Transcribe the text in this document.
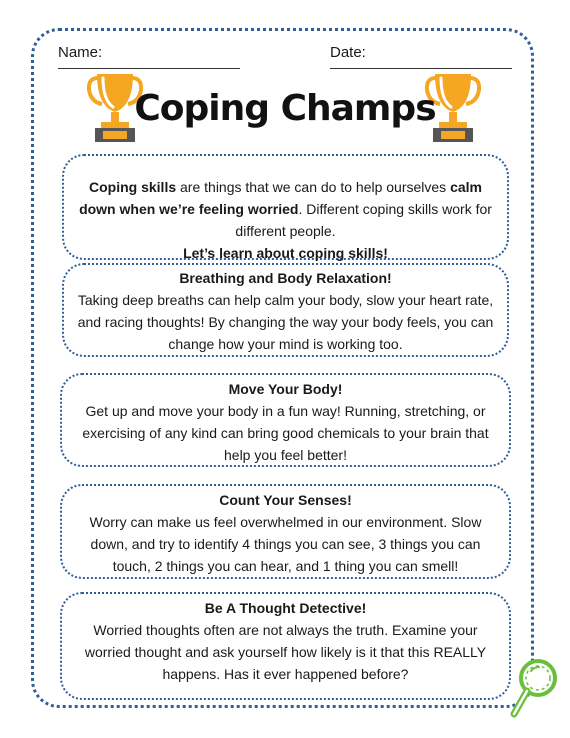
Name:	Date:
Coping Champs
Coping skills are things that we can do to help ourselves calm down when we’re feeling worried. Different coping skills work for different people.
Let’s learn about coping skills!
Breathing and Body Relaxation!
Taking deep breaths can help calm your body, slow your heart rate, and racing thoughts! By changing the way your body feels, you can change how your mind is working too.
Move Your Body!
Get up and move your body in a fun way! Running, stretching, or exercising of any kind can bring good chemicals to your brain that help you feel better!
Count Your Senses!
Worry can make us feel overwhelmed in our environment. Slow down, and try to identify 4 things you can see, 3 things you can touch, 2 things you can hear, and 1 thing you can smell!
Be A Thought Detective!
Worried thoughts often are not always the truth. Examine your worried thought and ask yourself how likely is it that this REALLY happens. Has it ever happened before?
